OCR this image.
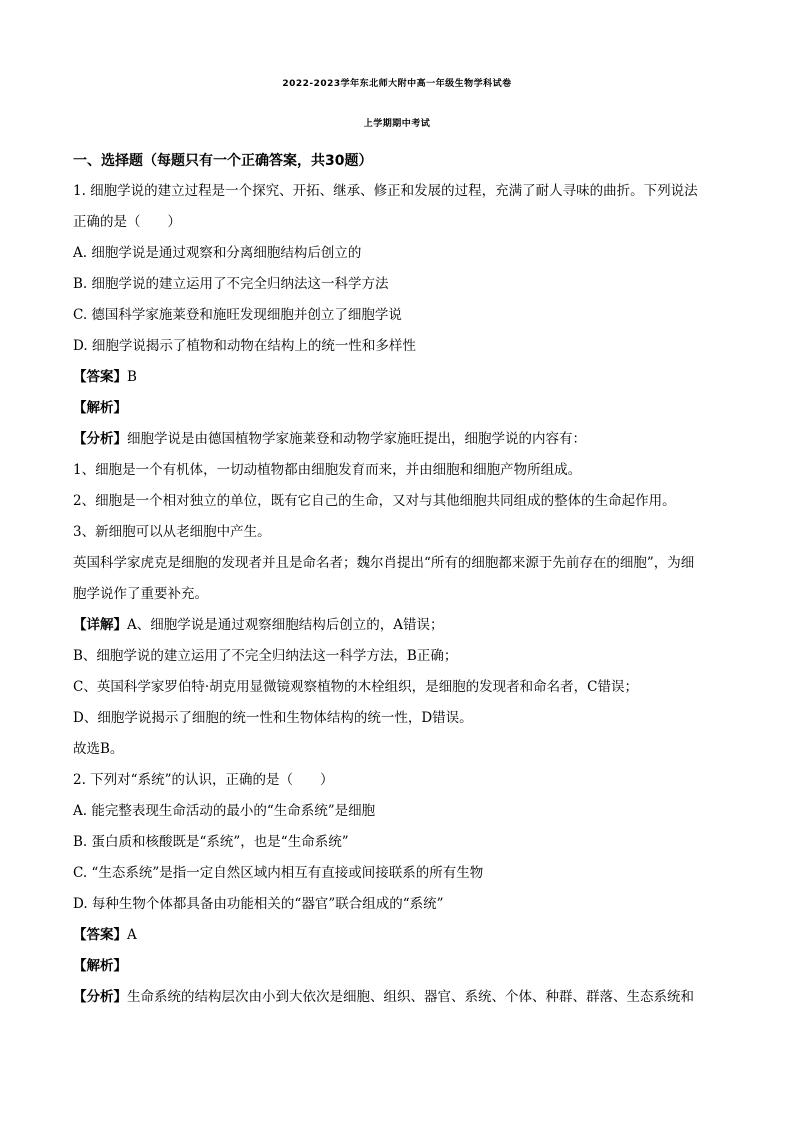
2022-2023学年东北师大附中高一年级生物学科试卷
上学期期中考试
一、选择题（每题只有一个正确答案，共30题）
1. 细胞学说的建立过程是一个探究、开拓、继承、修正和发展的过程，充满了耐人寻味的曲折。下列说法
正确的是（　　）
A. 细胞学说是通过观察和分离细胞结构后创立的
B. 细胞学说的建立运用了不完全归纳法这一科学方法
C. 德国科学家施莱登和施旺发现细胞并创立了细胞学说
D. 细胞学说揭示了植物和动物在结构上的统一性和多样性
【答案】B
【解析】
【分析】细胞学说是由德国植物学家施莱登和动物学家施旺提出，细胞学说的内容有：
1、细胞是一个有机体，一切动植物都由细胞发育而来，并由细胞和细胞产物所组成。
2、细胞是一个相对独立的单位，既有它自己的生命，又对与其他细胞共同组成的整体的生命起作用。
3、新细胞可以从老细胞中产生。
英国科学家虎克是细胞的发现者并且是命名者；魏尔肖提出“所有的细胞都来源于先前存在的细胞”，为细
胞学说作了重要补充。
【详解】A、细胞学说是通过观察细胞结构后创立的，A错误；
B、细胞学说的建立运用了不完全归纳法这一科学方法，B正确；
C、英国科学家罗伯特·胡克用显微镜观察植物的木栓组织，是细胞的发现者和命名者，C错误；
D、细胞学说揭示了细胞的统一性和生物体结构的统一性，D错误。
故选B。
2. 下列对“系统”的认识，正确的是（　　）
A. 能完整表现生命活动的最小的“生命系统”是细胞
B. 蛋白质和核酸既是“系统”，也是“生命系统”
C. “生态系统”是指一定自然区域内相互有直接或间接联系的所有生物
D. 每种生物个体都具备由功能相关的“器官”联合组成的“系统”
【答案】A
【解析】
【分析】生命系统的结构层次由小到大依次是细胞、组织、器官、系统、个体、种群、群落、生态系统和
